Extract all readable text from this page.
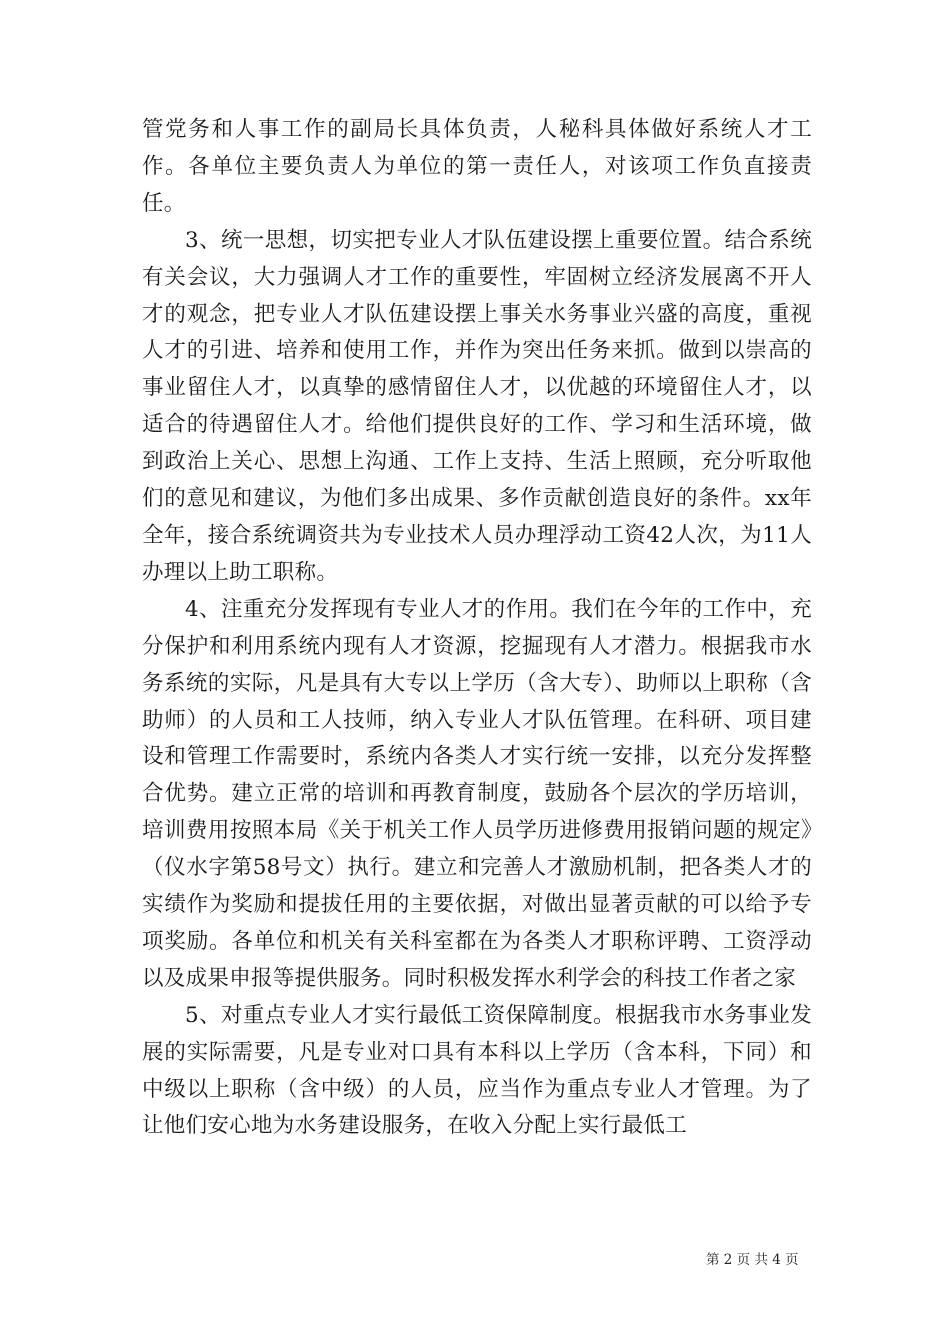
管党务和人事工作的副局长具体负责，人秘科具体做好系统人才工作。各单位主要负责人为单位的第一责任人，对该项工作负直接责任。

3、统一思想，切实把专业人才队伍建设摆上重要位置。结合系统有关会议，大力强调人才工作的重要性，牢固树立经济发展离不开人才的观念，把专业人才队伍建设摆上事关水务事业兴盛的高度，重视人才的引进、培养和使用工作，并作为突出任务来抓。做到以崇高的事业留住人才，以真挚的感情留住人才，以优越的环境留住人才，以适合的待遇留住人才。给他们提供良好的工作、学习和生活环境，做到政治上关心、思想上沟通、工作上支持、生活上照顾，充分听取他们的意见和建议，为他们多出成果、多作贡献创造良好的条件。xx年全年，接合系统调资共为专业技术人员办理浮动工资42人次，为11人办理以上助工职称。

4、注重充分发挥现有专业人才的作用。我们在今年的工作中，充分保护和利用系统内现有人才资源，挖掘现有人才潜力。根据我市水务系统的实际，凡是具有大专以上学历（含大专）、助师以上职称（含助师）的人员和工人技师，纳入专业人才队伍管理。在科研、项目建设和管理工作需要时，系统内各类人才实行统一安排，以充分发挥整合优势。建立正常的培训和再教育制度，鼓励各个层次的学历培训，培训费用按照本局《关于机关工作人员学历进修费用报销问题的规定》（仪水字第58号文）执行。建立和完善人才激励机制，把各类人才的实绩作为奖励和提拔任用的主要依据，对做出显著贡献的可以给予专项奖励。各单位和机关有关科室都在为各类人才职称评聘、工资浮动以及成果申报等提供服务。同时积极发挥水利学会的科技工作者之家

5、对重点专业人才实行最低工资保障制度。根据我市水务事业发展的实际需要，凡是专业对口具有本科以上学历（含本科，下同）和中级以上职称（含中级）的人员，应当作为重点专业人才管理。为了让他们安心地为水务建设服务，在收入分配上实行最低工

第 2 页 共 4 页
